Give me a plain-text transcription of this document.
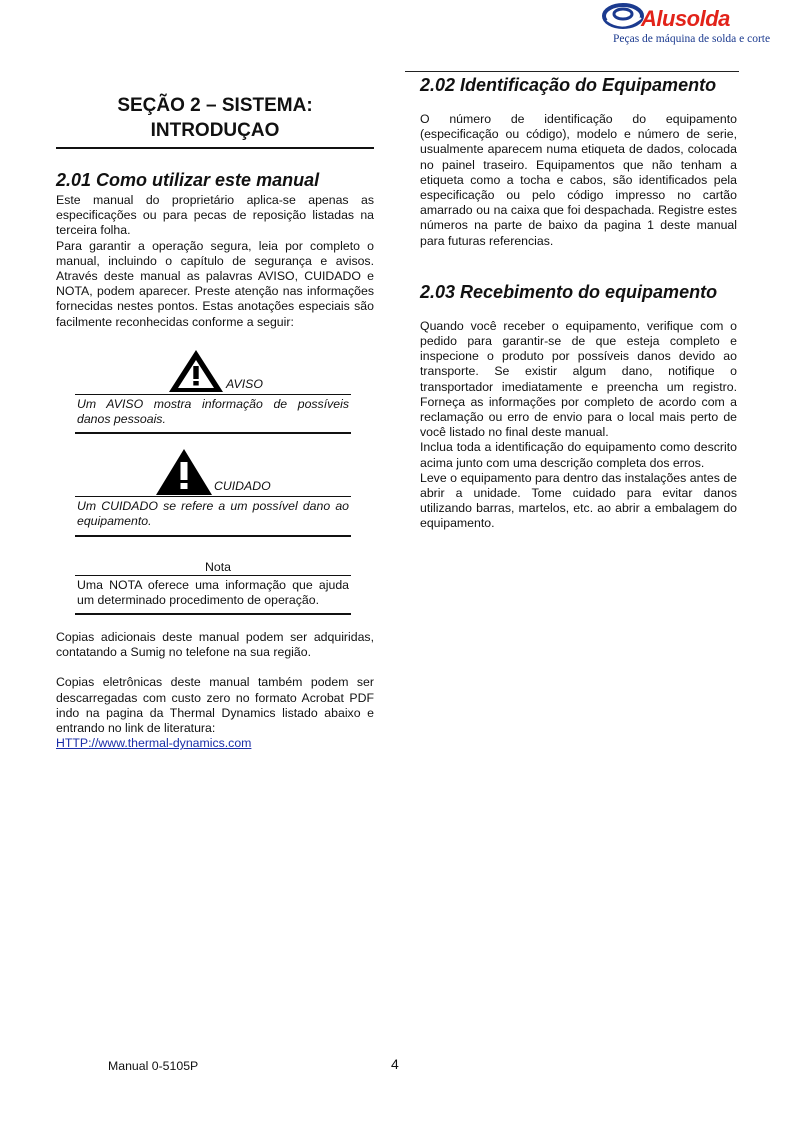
Alusolda
Peças de máquina de solda e corte
SEÇÃO 2 – SISTEMA:
INTRODUÇAO
2.01 Como utilizar este manual

Este manual do proprietário aplica-se apenas as especificações ou para pecas de reposição listadas na terceira folha.

Para garantir a operação segura, leia por completo o manual, incluindo o capítulo de segurança e avisos. Através deste manual as palavras AVISO, CUIDADO e NOTA, podem aparecer. Preste atenção nas informações fornecidas nestes pontos. Estas anotações especiais são facilmente reconhecidas conforme a seguir:

AVISO
Um AVISO mostra informação de possíveis danos pessoais.
CUIDADO
Um CUIDADO se refere a um possível dano ao equipamento.
Nota
Uma NOTA oferece uma informação que ajuda um determinado procedimento de operação.

Copias adicionais deste manual podem ser adquiridas, contatando a Sumig no telefone na sua região.

Copias eletrônicas deste manual também podem ser descarregadas com custo zero no formato Acrobat PDF indo na pagina da Thermal Dynamics listado abaixo e entrando no link de literatura:

HTTP://www.thermal-dynamics.com

2.02 Identificação do Equipamento

O número de identificação do equipamento (especificação ou código), modelo e número de serie, usualmente aparecem numa etiqueta de dados, colocada no painel traseiro. Equipamentos que não tenham a etiqueta como a tocha e cabos, são identificados pela especificação ou pelo código impresso no cartão amarrado ou na caixa que foi despachada. Registre estes números na parte de baixo da pagina 1 deste manual para futuras referencias.

2.03 Recebimento do equipamento

Quando você receber o equipamento, verifique com o pedido para garantir-se de que esteja completo e inspecione o produto por possíveis danos devido ao transporte. Se existir algum dano, notifique o transportador imediatamente e preencha um registro. Forneça as informações por completo de acordo com a reclamação ou erro de envio para o local mais perto de você listado no final deste manual.

Inclua toda a identificação do equipamento como descrito acima junto com uma descrição completa dos erros.

Leve o equipamento para dentro das instalações antes de abrir a unidade. Tome cuidado para evitar danos utilizando barras, martelos, etc. ao abrir a embalagem do equipamento.

Manual 0-5105P	4
